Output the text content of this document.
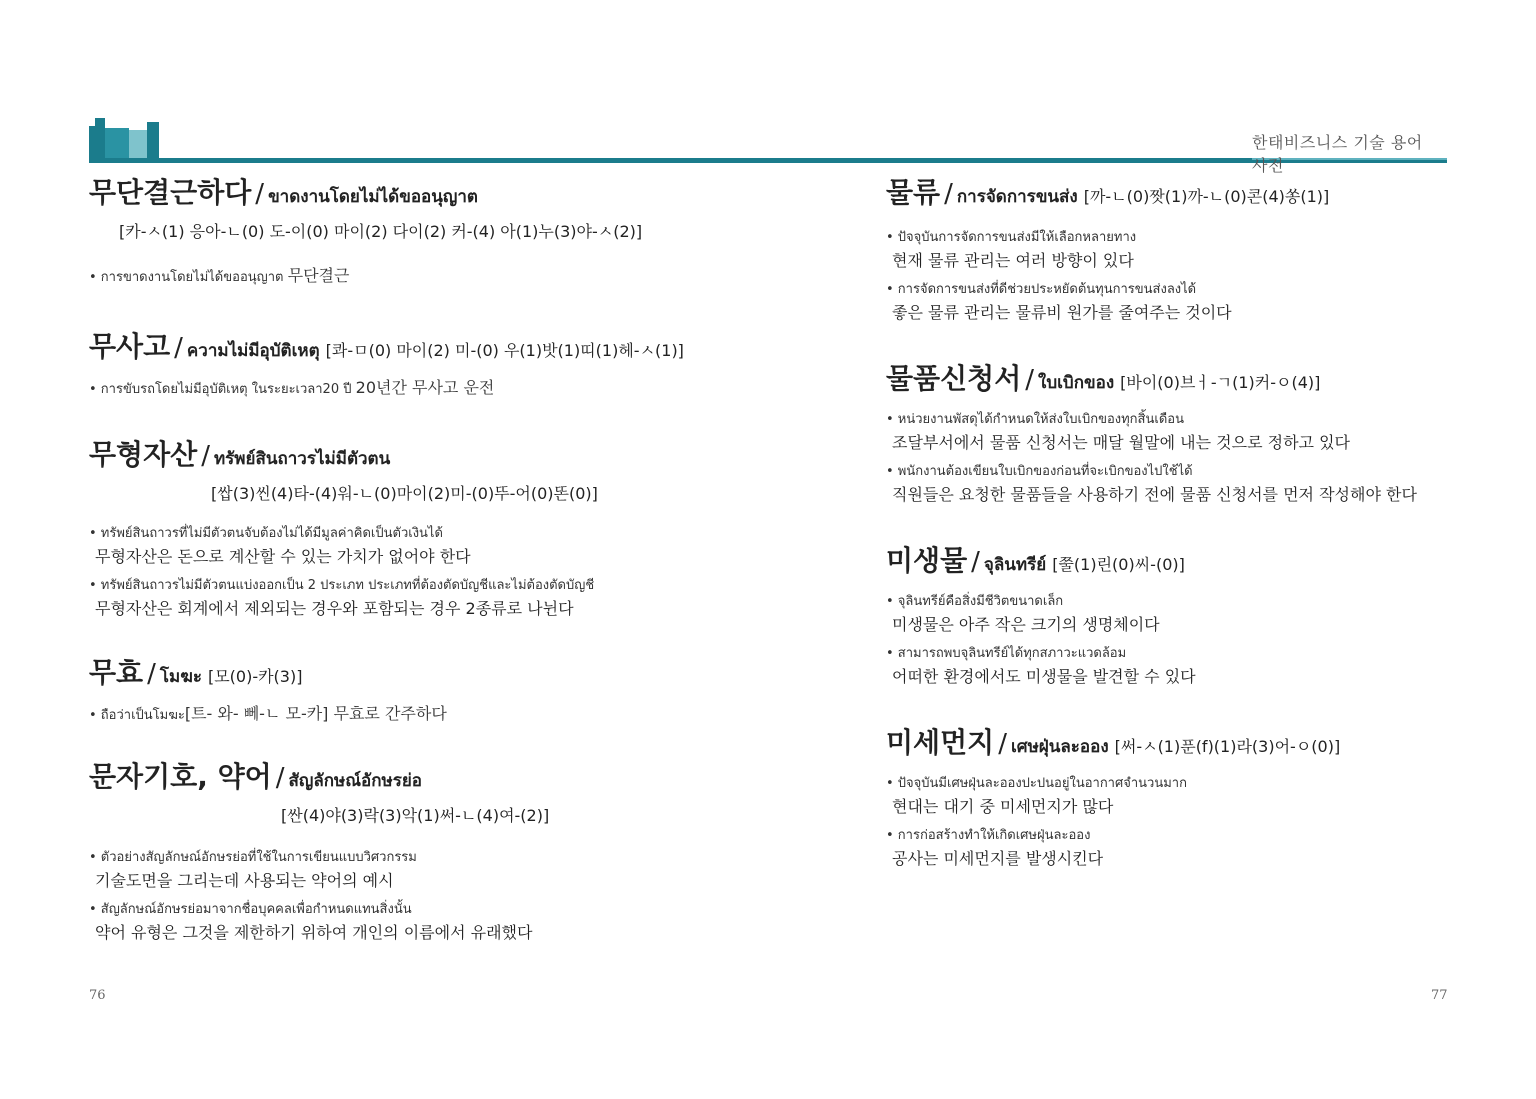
한태비즈니스 기술 용어 사전
무단결근하다 / ขาดงานโดยไม่ได้ขออนุญาต
[카-ㅅ(1) 응아-ㄴ(0) 도-이(0) 마이(2) 다이(2) 커-(4) 아(1)누(3)야-ㅅ(2)]
• การขาดงานโดยไม่ได้ขออนุญาต 무단결근
무사고 / ความไม่มีอุบัติเหตุ [콰-ㅁ(0) 마이(2) 미-(0) 우(1)밧(1)띠(1)헤-ㅅ(1)]
• การขับรถโดยไม่มีอุบัติเหตุ ในระยะเวลา20 ปี 20년간 무사고 운전
무형자산 / ทรัพย์สินถาวรไม่มีตัวตน
[쌉(3)씬(4)타-(4)워-ㄴ(0)마이(2)미-(0)뚜-어(0)똔(0)]
• ทรัพย์สินถาวรที่ไม่มีตัวตนจับต้องไม่ได้มีมูลค่าคิดเป็นตัวเงินได้
무형자산은 돈으로 계산할 수 있는 가치가 없어야 한다
• ทรัพย์สินถาวรไม่มีตัวตนแบ่งออกเป็น 2 ประเภท ประเภทที่ต้องตัดบัญชีและไม่ต้องตัดบัญชี
무형자산은 회계에서 제외되는 경우와 포함되는 경우 2종류로 나뉜다
무효 / โมฆะ [모(0)-카(3)]
• ถือว่าเป็นโมฆะ[트- 와- 뻬-ㄴ 모-카] 무효로 간주하다
문자기호, 약어 / สัญลักษณ์อักษรย่อ
[싼(4)야(3)락(3)악(1)써-ㄴ(4)여-(2)]
• ตัวอย่างสัญลักษณ์อักษรย่อที่ใช้ในการเขียนแบบวิศวกรรม
기술도면을 그리는데 사용되는 약어의 예시
• สัญลักษณ์อักษรย่อมาจากชื่อบุคคลเพื่อกำหนดแทนสิ่งนั้น
약어 유형은 그것을 제한하기 위하여 개인의 이름에서 유래했다
물류 / การจัดการขนส่ง [까-ㄴ(0)짯(1)까-ㄴ(0)콘(4)쏭(1)]
• ปัจจุบันการจัดการขนส่งมีให้เลือกหลายทาง
현재 물류 관리는 여러 방향이 있다
• การจัดการขนส่งที่ดีช่วยประหยัดต้นทุนการขนส่งลงได้
좋은 물류 관리는 물류비 원가를 줄여주는 것이다
물품신청서 / ใบเบิกของ [바이(0)브ㅓ-ㄱ(1)커-ㅇ(4)]
• หน่วยงานพัสดุได้กำหนดให้ส่งใบเบิกของทุกสิ้นเดือน
조달부서에서 물품 신청서는 매달 월말에 내는 것으로 정하고 있다
• พนักงานต้องเขียนใบเบิกของก่อนที่จะเบิกของไปใช้ได้
직원들은 요청한 물품들을 사용하기 전에 물품 신청서를 먼저 작성해야 한다
미생물 / จุลินทรีย์ [쭐(1)린(0)씨-(0)]
• จุลินทรีย์คือสิ่งมีชีวิตขนาดเล็ก
미생물은 아주 작은 크기의 생명체이다
• สามารถพบจุลินทรีย์ได้ทุกสภาวะแวดล้อม
어떠한 환경에서도 미생물을 발견할 수 있다
미세먼지 / เศษฝุ่นละออง [써-ㅅ(1)푼(f)(1)라(3)어-ㅇ(0)]
• ปัจจุบันมีเศษฝุ่นละอองปะปนอยู่ในอากาศจำนวนมาก
현대는 대기 중 미세먼지가 많다
• การก่อสร้างทำให้เกิดเศษฝุ่นละออง
공사는 미세먼지를 발생시킨다
76	77
